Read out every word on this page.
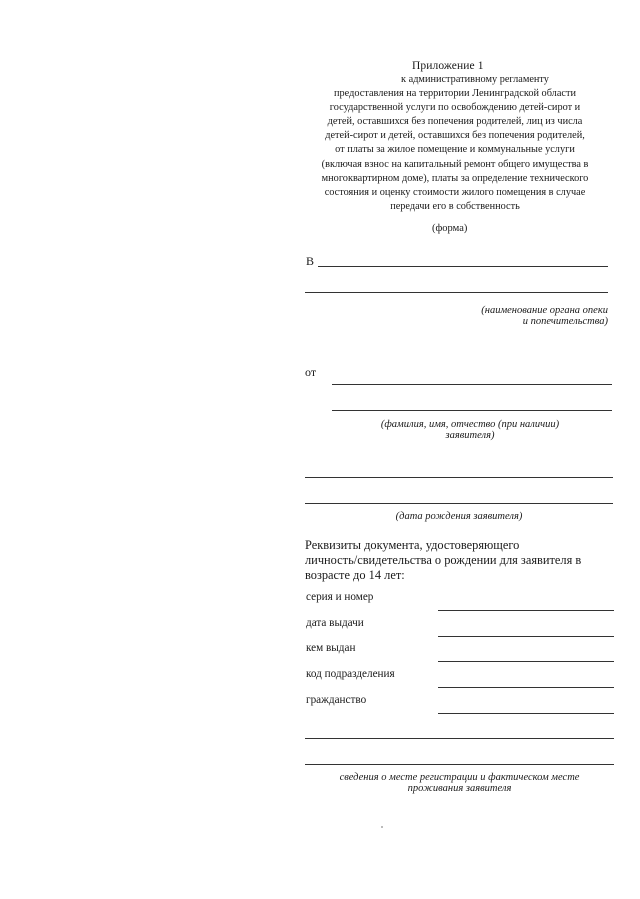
Приложение 1
к административному регламенту
предоставления на территории Ленинградской области
государственной услуги по освобождению детей-сирот и
детей, оставшихся без попечения родителей, лиц из числа
детей-сирот и детей, оставшихся без попечения родителей,
от платы за жилое помещение и коммунальные услуги
(включая взнос на капитальный ремонт общего имущества в
многоквартирном доме), платы за определение технического
состояния и оценку стоимости жилого помещения в случае
передачи его в собственность
(форма)
В
(наименование органа опеки
и попечительства)
от
(фамилия, имя, отчество (при наличии)
заявителя)
(дата рождения заявителя)
Реквизиты документа, удостоверяющего
личность/свидетельства о рождении для заявителя в
возрасте до 14 лет:
серия и номер
дата выдачи
кем выдан
код подразделения
гражданство
сведения о месте регистрации и фактическом месте
проживания заявителя
